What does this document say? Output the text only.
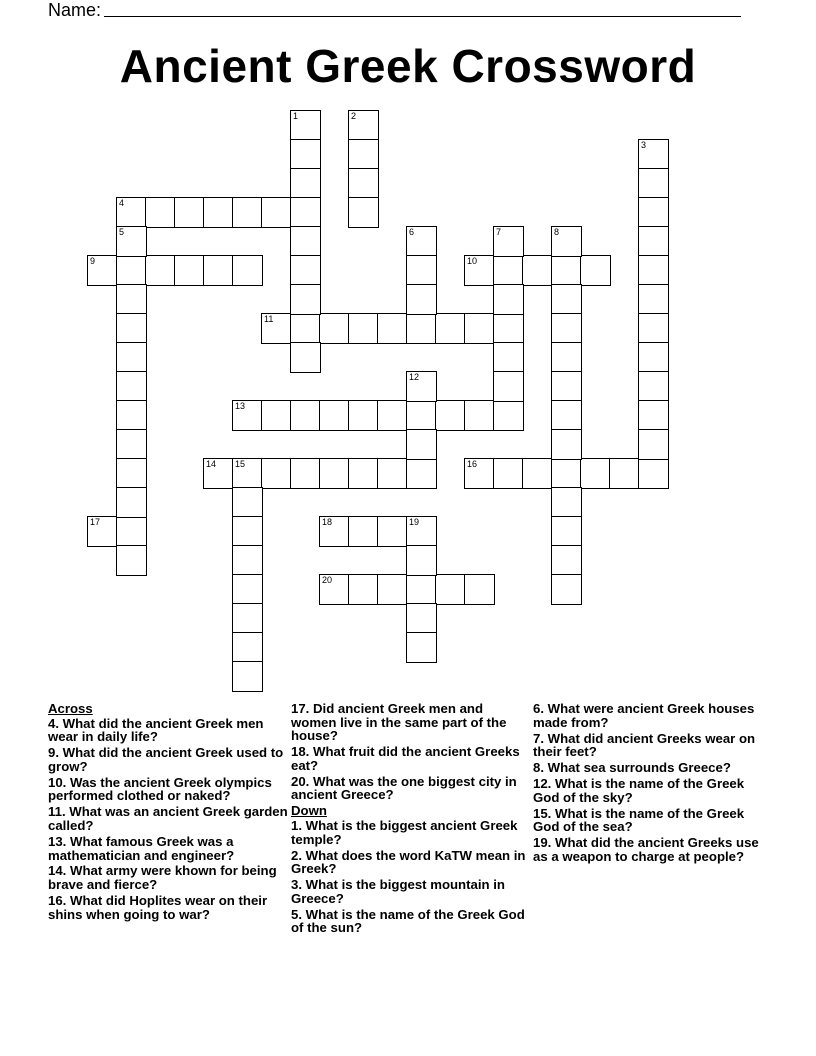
Name:
Ancient Greek Crossword
4
9	10
11
13
14 15	16
17	18	19
20
1	2
3
5	6	7	8
12
Across
4. What did the ancient Greek men wear in daily life?
9. What did the ancient Greek used to grow?
10. Was the ancient Greek olympics performed clothed or naked?
11. What was an ancient Greek garden called?
13. What famous Greek was a mathematician and engineer?
14. What army were khown for being brave and fierce?
16. What did Hoplites wear on their shins when going to war?
17. Did ancient Greek men and women live in the same part of the house?
18. What fruit did the ancient Greeks eat?
20. What was the one biggest city in ancient Greece?
Down
1. What is the biggest ancient Greek temple?
2. What does the word KaTW mean in Greek?
3. What is the biggest mountain in Greece?
5. What is the name of the Greek God of the sun?
6. What were ancient Greek houses made from?
7. What did ancient Greeks wear on their feet?
8. What sea surrounds Greece?
12. What is the name of the Greek God of the sky?
15. What is the name of the Greek God of the sea?
19. What did the ancient Greeks use as a weapon to charge at people?
